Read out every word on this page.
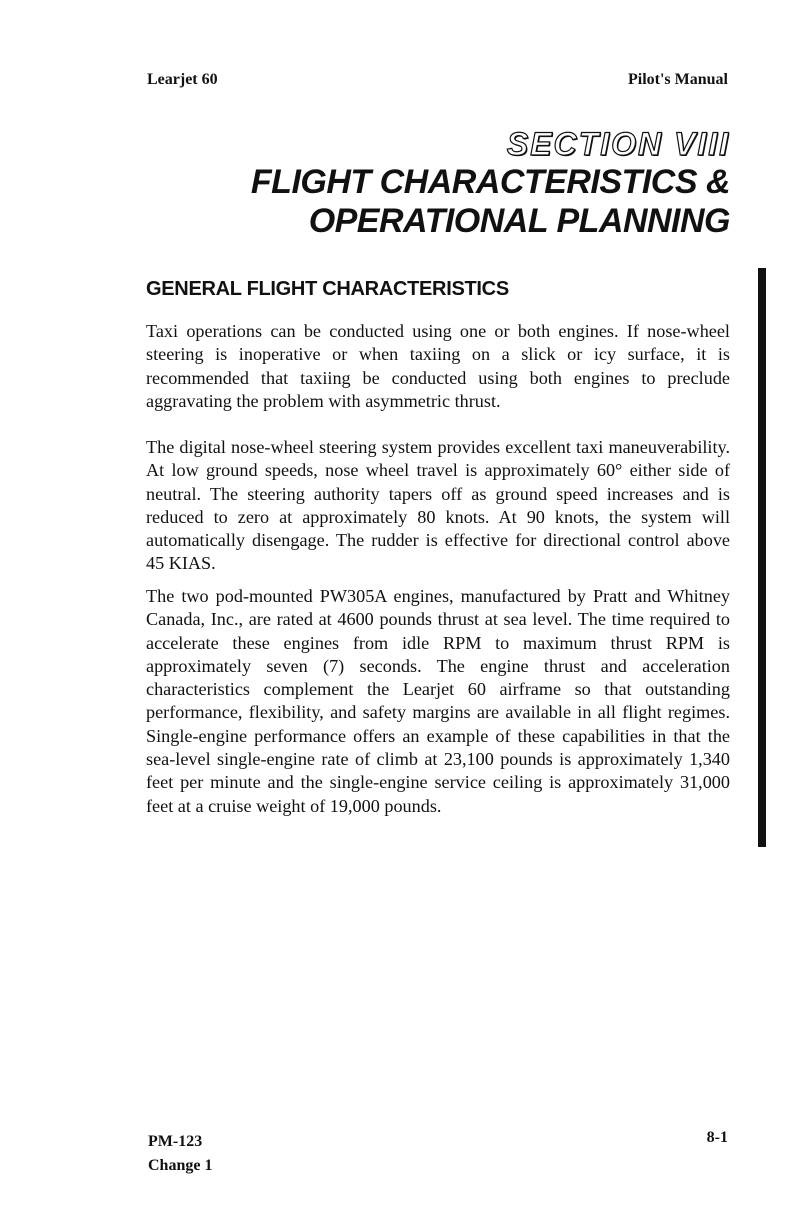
Learjet 60	Pilot's Manual
SECTION VIII
FLIGHT CHARACTERISTICS &
OPERATIONAL PLANNING
GENERAL FLIGHT CHARACTERISTICS

Taxi operations can be conducted using one or both engines. If nose-wheel steering is inoperative or when taxiing on a slick or icy surface, it is recommended that taxiing be conducted using both engines to preclude aggravating the problem with asymmetric thrust.

The digital nose-wheel steering system provides excellent taxi maneuverability. At low ground speeds, nose wheel travel is approximately 60° either side of neutral. The steering authority tapers off as ground speed increases and is reduced to zero at approximately 80 knots. At 90 knots, the system will automatically disengage. The rudder is effective for directional control above 45 KIAS.

The two pod-mounted PW305A engines, manufactured by Pratt and Whitney Canada, Inc., are rated at 4600 pounds thrust at sea level. The time required to accelerate these engines from idle RPM to maximum thrust RPM is approximately seven (7) seconds. The engine thrust and acceleration characteristics complement the Learjet 60 airframe so that outstanding performance, flexibility, and safety margins are available in all flight regimes. Single-engine performance offers an example of these capabilities in that the sea-level single-engine rate of climb at 23,100 pounds is approximately 1,340 feet per minute and the single-engine service ceiling is approximately 31,000 feet at a cruise weight of 19,000 pounds.

PM-123
Change 1
8-1
